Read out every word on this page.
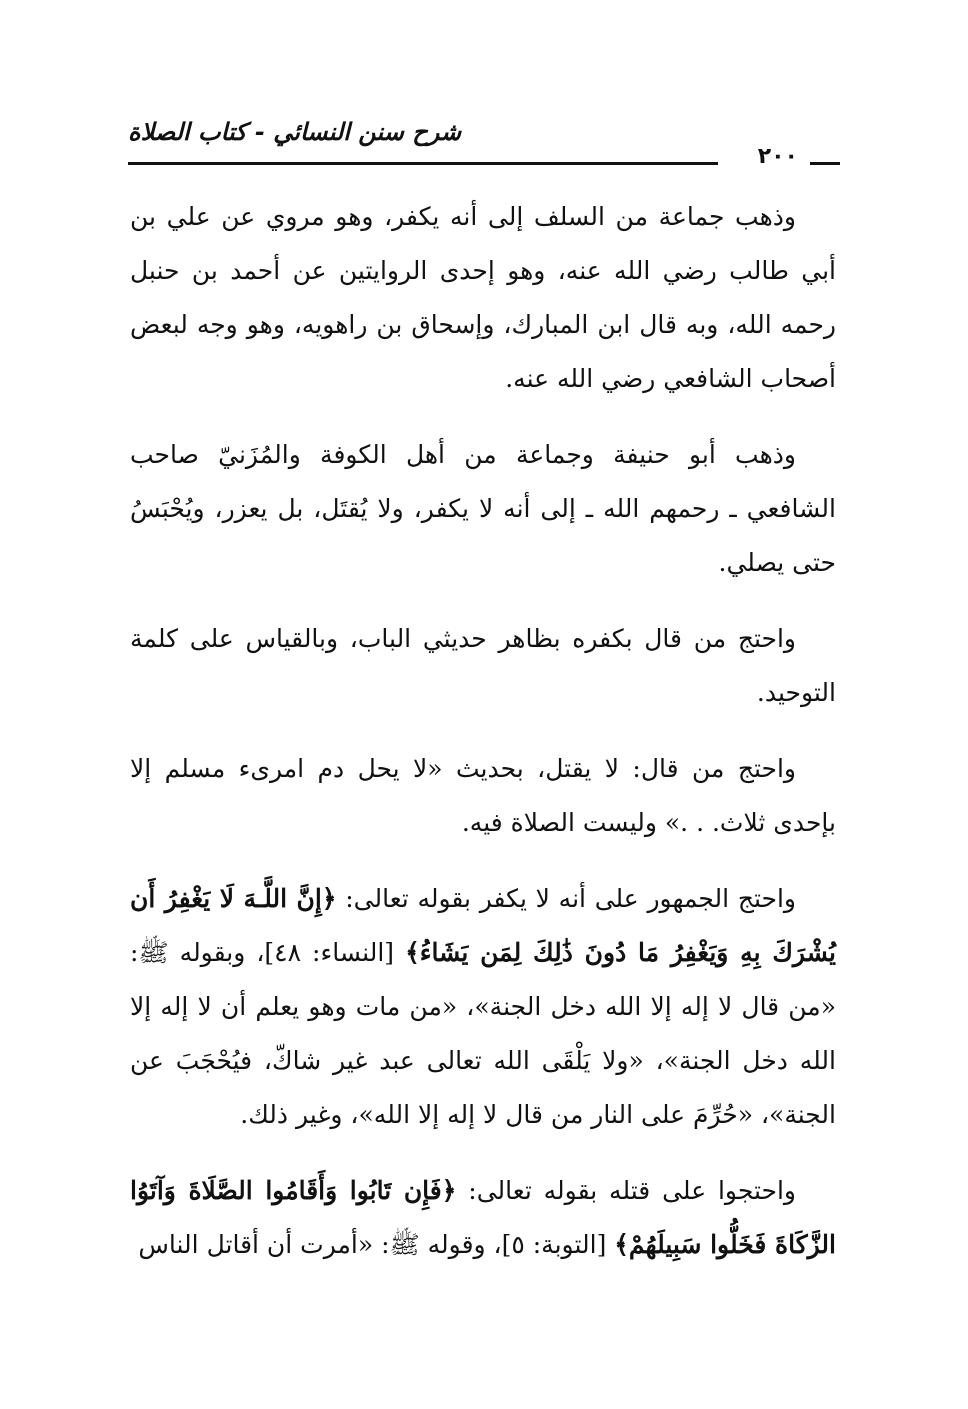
٢٠٠
شرح سنن النسائي - كتاب الصلاة

وذهب جماعة من السلف إلى أنه يكفر، وهو مروي عن علي بن أبي طالب رضي الله عنه، وهو إحدى الروايتين عن أحمد بن حنبل رحمه الله، وبه قال ابن المبارك، وإسحاق بن راهويه، وهو وجه لبعض أصحاب الشافعي رضي الله عنه.

وذهب أبو حنيفة وجماعة من أهل الكوفة والمُزَنيّ صاحب الشافعي ـ رحمهم الله ـ إلى أنه لا يكفر، ولا يُقتَل، بل يعزر، ويُحْبَسُ حتى يصلي.

واحتج من قال بكفره بظاهر حديثي الباب، وبالقياس على كلمة التوحيد.

واحتج من قال: لا يقتل، بحديث «لا يحل دم امرىء مسلم إلا بإحدى ثلاث. . .» وليست الصلاة فيه.

واحتج الجمهور على أنه لا يكفر بقوله تعالى: ﴿إِنَّ اللَّـهَ لَا يَغْفِرُ أَن يُشْرَكَ بِهِ وَيَغْفِرُ مَا دُونَ ذَٰلِكَ لِمَن يَشَاءُ﴾ [النساء: ٤٨]، وبقوله ﷺ: «من قال لا إله إلا الله دخل الجنة»، «من مات وهو يعلم أن لا إله إلا الله دخل الجنة»، «ولا يَلْقَى الله تعالى عبد غير شاكّ، فيُحْجَبَ عن الجنة»، «حُرِّمَ على النار من قال لا إله إلا الله»، وغير ذلك.

واحتجوا على قتله بقوله تعالى: ﴿فَإِن تَابُوا وَأَقَامُوا الصَّلَاةَ وَآتَوُا الزَّكَاةَ فَخَلُّوا سَبِيلَهُمْ﴾ [التوبة: ٥]، وقوله ﷺ: «أمرت أن أقاتل الناس
